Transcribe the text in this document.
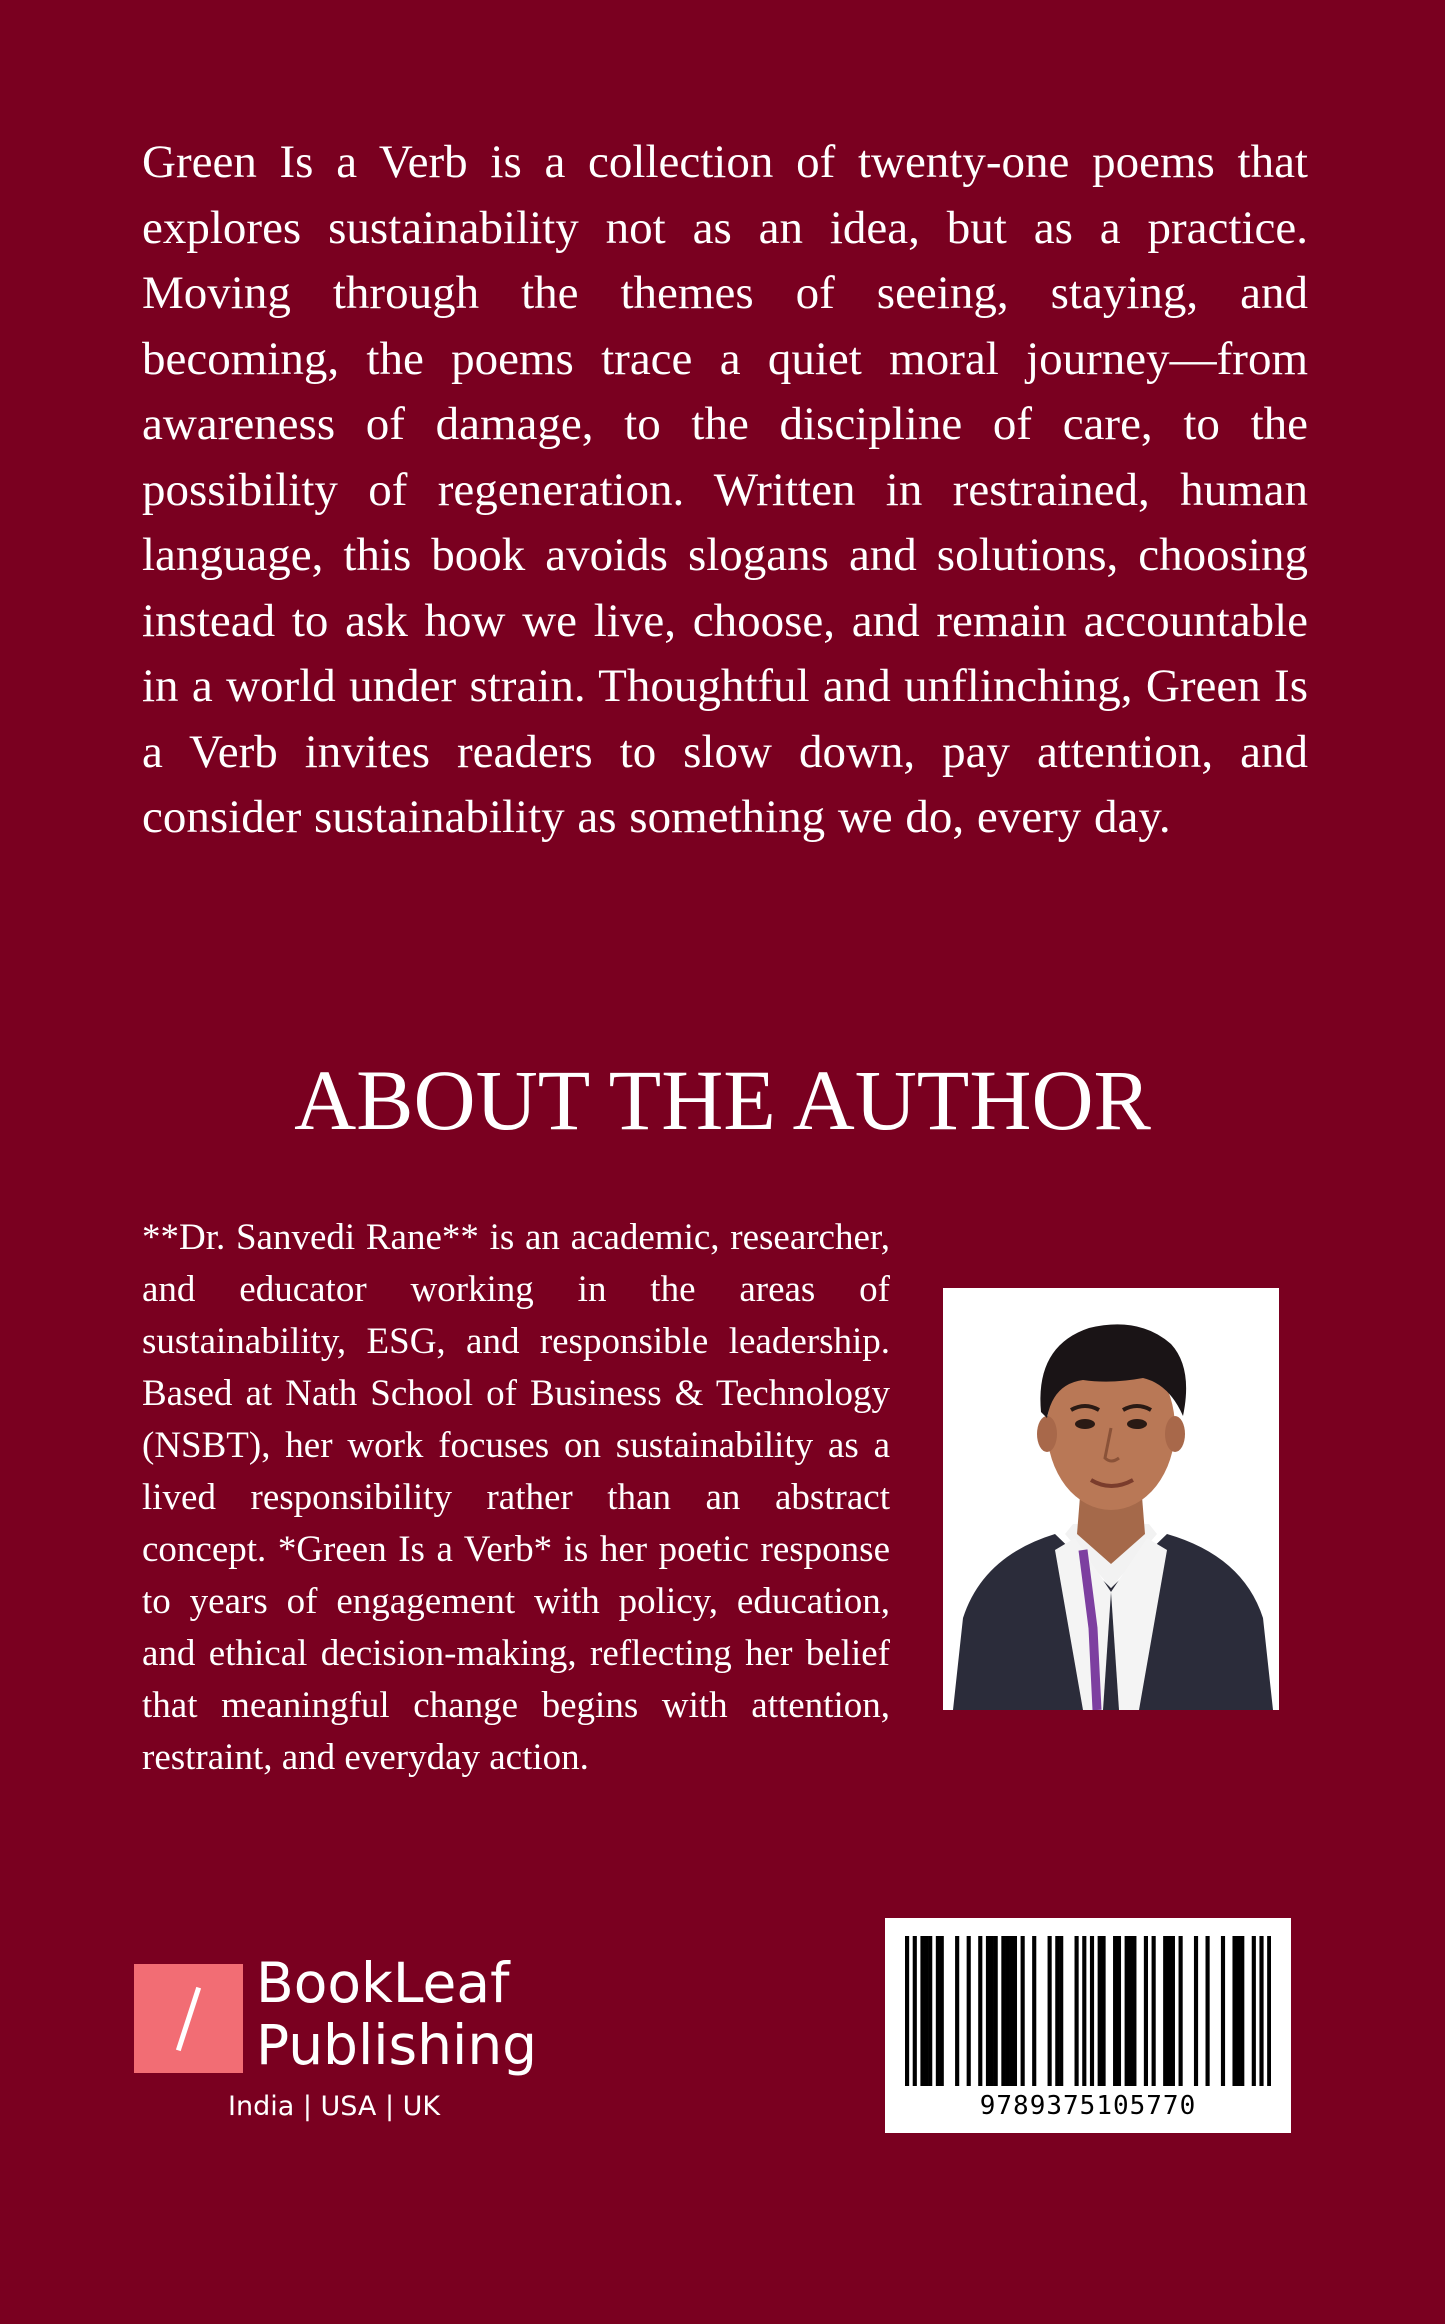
Green Is a Verb is a collection of twenty-one poems that explores sustainability not as an idea, but as a practice. Moving through the themes of seeing, staying, and becoming, the poems trace a quiet moral journey—from awareness of damage, to the discipline of care, to the possibility of regeneration. Written in restrained, human language, this book avoids slogans and solutions, choosing instead to ask how we live, choose, and remain accountable in a world under strain. Thoughtful and unflinching, Green Is a Verb invites readers to slow down, pay attention, and consider sustainability as something we do, every day.

ABOUT THE AUTHOR

**Dr. Sanvedi Rane** is an academic, researcher, and educator working in the areas of sustainability, ESG, and responsible leadership. Based at Nath School of Business & Technology (NSBT), her work focuses on sustainability as a lived responsibility rather than an abstract concept. *Green Is a Verb* is her poetic response to years of engagement with policy, education, and ethical decision-making, reflecting her belief that meaningful change begins with attention, restraint, and everyday action.

BookLeaf
Publishing
India | USA | UK	9789375105770
